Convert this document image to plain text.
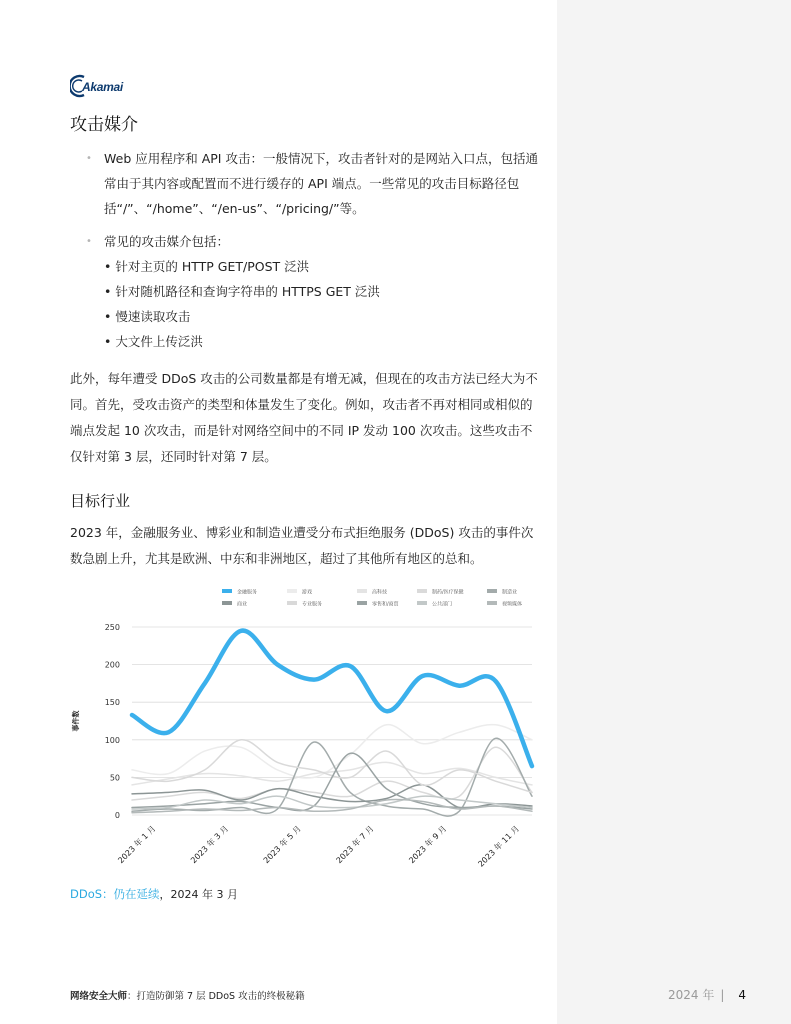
Akamai
攻击媒介
• Web 应用程序和 API 攻击：一般情况下，攻击者针对的是网站入口点，包括通常由于其内容或配置而不进行缓存的 API 端点。一些常见的攻击目标路径包括“/”、“/home”、“/en-us”、“/pricing/”等。
• 常见的攻击媒介包括：
• 针对主页的 HTTP GET/POST 泛洪
• 针对随机路径和查询字符串的 HTTPS GET 泛洪
• 慢速读取攻击
• 大文件上传泛洪

此外，每年遭受 DDoS 攻击的公司数量都是有增无减，但现在的攻击方法已经大为不同。首先，受攻击资产的类型和体量发生了变化。例如，攻击者不再对相同或相似的端点发起 10 次攻击，而是针对网络空间中的不同 IP 发动 100 次攻击。这些攻击不仅针对第 3 层，还同时针对第 7 层。

目标行业

2023 年，金融服务业、博彩业和制造业遭受分布式拒绝服务 (DDoS) 攻击的事件次数急剧上升，尤其是欧洲、中东和非洲地区，超过了其他所有地区的总和。

金融服务	游戏	高科技	制药/医疗保健	制造业
商业	专业服务	零售和/商贸	公共部门	视频媒体
0
50
100
150
200
250
事件数
2023 年 1 月	2023 年 3 月	2023 年 5 月	2023 年 7 月	2023 年 9 月	2023 年 11 月
DDoS：仍在延续，2024 年 3 月
网络安全大师：打造防御第 7 层 DDoS 攻击的终极秘籍	2024 年 | 4
